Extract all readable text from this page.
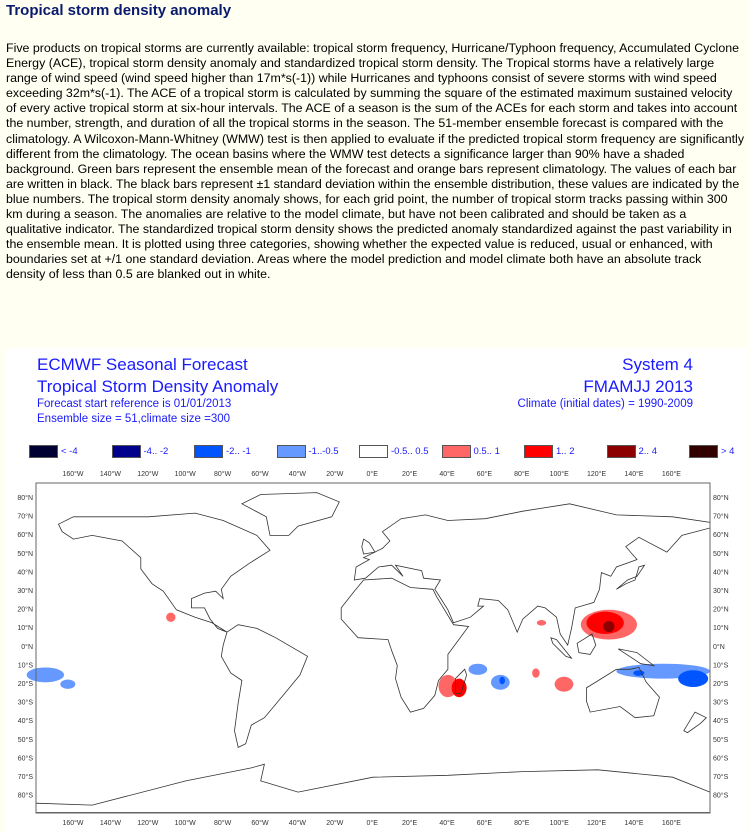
Tropical storm density anomaly

Five products on tropical storms are currently available: tropical storm frequency, Hurricane/Typhoon frequency, Accumulated Cyclone Energy (ACE), tropical storm density anomaly and standardized tropical storm density. The Tropical storms have a relatively large range of wind speed (wind speed higher than 17m*s(-1)) while Hurricanes and typhoons consist of severe storms with wind speed exceeding 32m*s(-1). The ACE of a tropical storm is calculated by summing the square of the estimated maximum sustained velocity of every active tropical storm at six-hour intervals. The ACE of a season is the sum of the ACEs for each storm and takes into account the number, strength, and duration of all the tropical storms in the season. The 51-member ensemble forecast is compared with the climatology. A Wilcoxon-Mann-Whitney (WMW) test is then applied to evaluate if the predicted tropical storm frequency are significantly different from the climatology. The ocean basins where the WMW test detects a significance larger than 90% have a shaded background. Green bars represent the ensemble mean of the forecast and orange bars represent climatology. The values of each bar are written in black. The black bars represent ±1 standard deviation within the ensemble distribution, these values are indicated by the blue numbers. The tropical storm density anomaly shows, for each grid point, the number of tropical storm tracks passing within 300 km during a season. The anomalies are relative to the model climate, but have not been calibrated and should be taken as a qualitative indicator. The standardized tropical storm density shows the predicted anomaly standardized against the past variability in the ensemble mean. It is plotted using three categories, showing whether the expected value is reduced, usual or enhanced, with boundaries set at +/1 one standard deviation. Areas where the model prediction and model climate both have an absolute track density of less than 0.5 are blanked out in white.

ECMWF Seasonal Forecast
Tropical Storm Density Anomaly
Forecast start reference is 01/01/2013
Ensemble size = 51,climate size =300
System 4
FMAMJJ 2013
Climate (initial dates) = 1990-2009
< -4	-4.. -2	-2.. -1	-1..-0.5	-0.5.. 0.5	0.5.. 1	1.. 2	2.. 4	> 4
160°W
160°W
140°W
140°W
120°W
120°W
100°W
100°W
80°W
80°W
60°W
60°W
40°W
40°W
20°W
20°W
0°E
0°E
20°E
20°E
40°E
40°E
60°E
60°E
80°E
80°E
100°E
100°E
120°E
120°E
140°E
140°E
160°E
160°E
80°N	80°N
70°N	70°N
60°N	60°N
50°N	50°N
40°N	40°N
30°N	30°N
20°N	20°N
10°N	10°N
0°N	0°N
10°S	10°S
20°S	20°S
30°S	30°S
40°S	40°S
50°S	50°S
60°S	60°S
70°S	70°S
80°S	80°S
